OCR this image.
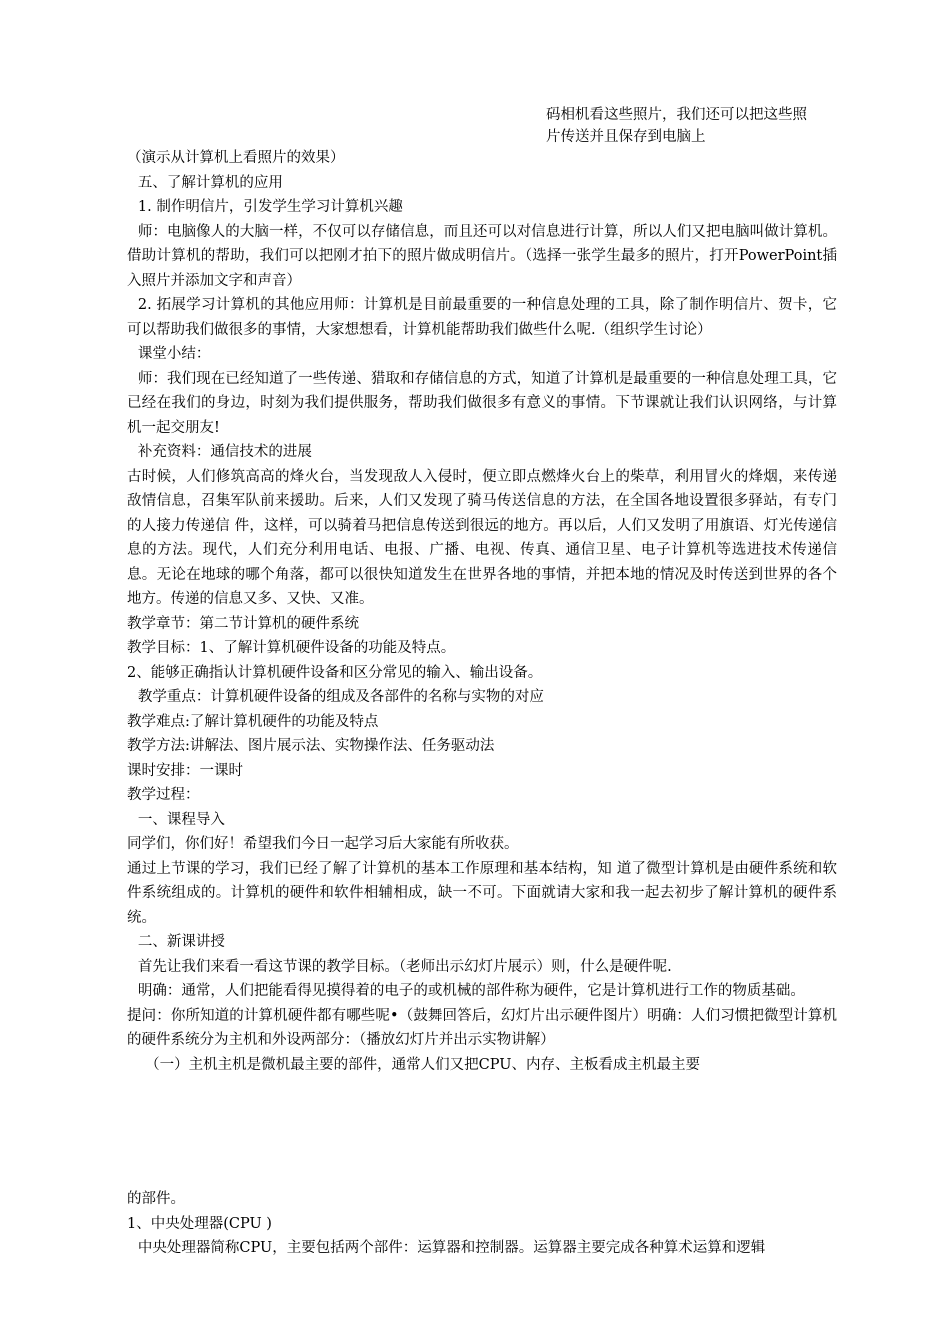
码相机看这些照片，我们还可以把这些照
片传送并且保存到电脑上

（演示从计算机上看照片的效果）

五、了解计算机的应用

1. 制作明信片，引发学生学习计算机兴趣

师：电脑像人的大脑一样，不仅可以存储信息，而且还可以对信息进行计算，所以人们又把电脑叫做计算机。借助计算机的帮助，我们可以把刚才拍下的照片做成明信片。（选择一张学生最多的照片，打开PowerPoint插入照片并添加文字和声音）

2. 拓展学习计算机的其他应用师：计算机是目前最重要的一种信息处理的工具，除了制作明信片、贺卡，它可以帮助我们做很多的事情，大家想想看，计算机能帮助我们做些什么呢.（组织学生讨论）

课堂小结：

师：我们现在已经知道了一些传递、猎取和存储信息的方式，知道了计算机是最重要的一种信息处理工具，它已经在我们的身边，时刻为我们提供服务，帮助我们做很多有意义的事情。下节课就让我们认识网络，与计算机一起交朋友!

补充资料：通信技术的进展

古时候，人们修筑高高的烽火台，当发现敌人入侵时，便立即点燃烽火台上的柴草，利用冒火的烽烟，来传递敌情信息，召集军队前来援助。后来，人们又发现了骑马传送信息的方法，在全国各地设置很多驿站，有专门的人接力传递信 件，这样，可以骑着马把信息传送到很远的地方。再以后，人们又发明了用旗语、灯光传递信息的方法。现代，人们充分利用电话、电报、广播、电视、传真、通信卫星、电子计算机等选进技术传递信息。无论在地球的哪个角落，都可以很快知道发生在世界各地的事情，并把本地的情况及时传送到世界的各个地方。传递的信息又多、又快、又准。

教学章节：第二节计算机的硬件系统

教学目标：1、了解计算机硬件设备的功能及特点。

2、能够正确指认计算机硬件设备和区分常见的输入、输出设备。

教学重点：计算机硬件设备的组成及各部件的名称与实物的对应

教学难点:了解计算机硬件的功能及特点

教学方法:讲解法、图片展示法、实物操作法、任务驱动法

课时安排：一课时

教学过程：

一、课程导入

同学们，你们好！希望我们今日一起学习后大家能有所收获。

通过上节课的学习，我们已经了解了计算机的基本工作原理和基本结构，知 道了微型计算机是由硬件系统和软件系统组成的。计算机的硬件和软件相辅相成，缺一不可。下面就请大家和我一起去初步了解计算机的硬件系统。

二、新课讲授

首先让我们来看一看这节课的教学目标。（老师出示幻灯片展示）则，什么是硬件呢.

明确：通常，人们把能看得见摸得着的电子的或机械的部件称为硬件，它是计算机进行工作的物质基础。

提问：你所知道的计算机硬件都有哪些呢•（鼓舞回答后，幻灯片出示硬件图片）明确：人们习惯把微型计算机的硬件系统分为主机和外设两部分：（播放幻灯片并出示实物讲解）

（一）主机主机是微机最主要的部件，通常人们又把CPU、内存、主板看成主机最主要

的部件。

1、中央处理器(CPU )

中央处理器简称CPU，主要包括两个部件：运算器和控制器。运算器主要完成各种算术运算和逻辑
